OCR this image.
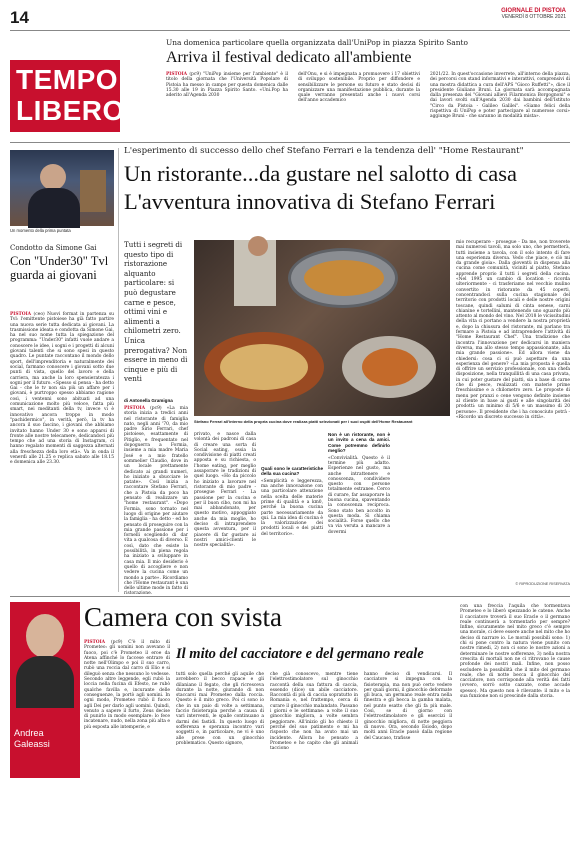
14	GIORNALE DI PISTOIA
VENERDÌ 8 OTTOBRE 2021
TEMPO
LIBERO
Una domenica particolare quella organizzata dall'UniPop in piazza Spirito Santo
Arriva il festival dedicato all'ambiente
PISTOIA (pc9) "UniPop insieme per l'ambiente" è il titolo della giornata che l'Università Popolare di Pistoia ha messo in campo per questa domenica dalle 15.30 alle 19 in Piazza Spirito Santo. «Uni.Pop ha aderito all'Agenda 2030
dell'Onu, e si è impegnata a promuovere i 17 obiettivi di sviluppo sostenibile. Proprio per diffondere e sensibilizzare le persone su futuro e stato decisi di organizzare una manifestazione pubblica, durante la quale verranno presentati anche i nuovi corsi dell'anno accademico
2021/22. In quest'occasione inverrete, all'interno della piazza, dei percorsi con stand informativi e interattivi, comprensivi di una mostra didattica a cura dell'APS "Gioco Ruffetti"», dice il presidente Giuliano Bruni. La giornata sarà accompagnata dalla presenza dei "Giovani allievi Filarmonica Borgognoni" e dai lavori svolti sull'Agenda 2030 dai bambini dell'Istituto "Circo da Pistoia - Galileo Galilei". «Siamo felici della rispettiva di UniPop e poter partecipare al numerose corsi» aggiunge Bruni - che saranno in modalità mista».
Un momento della prima puntata
Condotto da Simone Gai
Con "Under30" Tvl guarda ai giovani
PISTOIA (ceo) Nuovi format in partenza su Tvl: l'emittente pistoiese ha già fatto partire una nuova serie tutta dedicata ai giovani. La trasmissione ideata e condotta da Simone Gai, ha nel suo nome tutta la spiegazione del programma: "Under30" infatti vuole andare a conoscere le idee, i sogni e i progetti di alcuni giovani talenti che si sono spesi in questo quadro. Le puntate raccontano il mondo dello sport, dell'imprenditoria e naturalmente dei social, farmano conoscere i giovani sotto due punti di vista, quello del lavoro e della carriera, ma anche la loro spensieratezza i sogni per il futuro. «Spesso si pensa - ha detto Gai - che le tv non sia più un affare per i giovani, è purtroppo spesso abbiamo ragione così, i ventenni sono abituati ad una comunicazione molto più veloce, fatta più smart, nei meditanti della tv, invece vi è innovativo ancora troppo in modo "pachidermico", in verità, però, la tv ha ancora il suo fascino, i giovani che abbiamo invitato hanno Under 30 e sono apparsi di fronte alle nostre telecamere, dedicandoci più tempo che ad una storia di Instagram, ci hanno regalato momenti di saggezza alternati alla freschezza della loro età». Va in onda il venerdì alle 21.25 e replica sabato alle 18.15 e domenica alle 23.30.
L'esperimento di successo dello chef Stefano Ferrari e la tendenza dell' "Home Restaurant"
Un ristorante...da gustare nel salotto di casa
L'avventura innovativa di Stefano Ferrari
Tutti i segreti di questo tipo di ristorazione alquanto particolare: si può degustare carne e pesce, ottimi vini e alimenti a chilometri zero. Unica prerogativa? Non essere in meno di cinque e più di venti
di Antonella Gramigna
PISTOIA (pc9) «La mia storia inizia a tredici anni nel ristorante di famiglia nato, negli anni '70, da mio padre Sirio Ferrari, chef pistoiese, esattamente di Pitiglio, e frequentato nel dopoguerra a Formia, insieme a mia madre Maria José e a mio fratello sommelier Claudio, dove in un locale prettamente dedicato ai grandi numeri, ho iniziato a sbucciare le patate». Così inizia a raccontare Stefano Ferrari, che a Pistoia da poco ha pensato di realizzare un "home restaurant". «Dopo Formia, sono tornato nel luogo di origine per aiutare la famiglia - ha detto - ed ho pensato di proseguire con la mia grande passione per i fornelli scegliendo di dar vita a qualcosa di diverso. E così, dato che esiste la possibilità, in piena regola ha iniziato a sviluppare in casa mia. Il mio desiderio è quello di accogliere e non vedere la cucina come un mondo a parte». Ricordiamo che l'Home restaurant è una delle ultime mode in fatto di ristorazione.
Stefano Ferrari all'interno della propria cucina dove realizza piatti selezionati per i suoi ospiti dell'Home Restaurant
privato, e nasce dalla volontà dei padroni di casa di creare una sorta di Social eating, ossia la condivisione di piatti creati apposta e su richiesta, o l'home eating, per meglio assaporare le tradizioni di quel luogo. «Ho da piccolo ho iniziato a lavorare nel ristorante di mio padre - prosegue Ferrari - La passione per la cucina e per il buon cibo, non mi ha mai abbandonato, per questo motivo, appoggiato anche da mia moglie, ho deciso di intraprendere questa avventura, per il piacere di far gustare ai nostri amici-clienti le nostre specialità».
Quali sono le caratteristiche della sua cucina?
«Semplicità e leggerezza, ma anche innovazione con una particolare attenzione nella scelta delle materie prime di qualità e a km0, perché la buona cucina parte necessariamente da qui. La mia idea di cucina è la valorizzazione dei prodotti locali e dei piatti del territorio».
Non è un ristorante, non è un invito a cena da amici. Come potremmo definirlo meglio?
«Convivialità. Questo è il termine più adatto. Esperienze nel gusto, ma anche intrattenere e conoscenza, condividere questo con persone totalmente estranee. Cerco di curare, far assaporare la buona cucina, spaventando la conoscenza reciproca. Sono stato ben accolto in questa moda. Si chiama socialità. Forse quello che va via veruta a mancare a dovermi
mio recuperare - prosegue - Da me, non troverete mai numerosi tavoli, ma solo uno, che permetterà, tutti insieme a tavola, con il solo intento di fare una esperienza diversa. Vedo che piace, e ciò mi da grande gioia». Dalla gioventù in dispensa alla cucina come comunità, viciniti al piatto, Stefano apprende proprio il tutti i segreti della cucina. «Nel 1995 un cambio di location - ricorda ulteriormente - ci trasferiamo nel vecchio mulino convertito in ristorante da 45 coperti, concentrandoci sulla cucina stagionale del territorio con prodotti locali e delle nostre origini toscane, quindi salumi di cinta senese, carni chianine e tortellini, mantenendo uno sguardo più attento al mondo del vino. Nel 2018 le vicissitudini della vita ci portano a vendere la nostra proprietà e, dopo la chiusura del ristorante, mi parlano tra fermare a Pistoia e ad intraprendere l'attività di "Home Restaurant Chef". Una tradizione che incontra l'innovazione per dedicarsi in maniera diversa, ma allo stesso tempo appassionante, alla mia grande passione». Ed allora viene da chiedersi: cosa ci si può aspettare da una esperienza del genere? «La mia proposta è quella di offrire un servizio professionale, con una chefa disposizione, nella tranquillità di una casa privata, in cui poter gustare del piatti, sia a base di carne che di pesce, realizzati con materie prime freschissime e a chilometro zero. Le proposte di menu per pranzi o cene vengono definite insieme al cliente in base ai gusti e alle singolarità dei prodotti: un minimo di 5/6 e un massimo di 20 persone». Il presidente che i ha conosciuto potrà - «Ricordo un discreto successo in città».
© RIPRODUZIONE RISERVATA
Camera con svista
Andrea Galeassi
PISTOIA (pc9) C'è il mito di Prometeo: gli uomini non avevano il fuoco, poi c'è Prometeo il eroe da Atena affinché lo faccese entrare di notte nell'Olimpo e poi il suo carro, rubò una roccia dal carro di Elio e si dileguò senza che nessuno lo vedesse. Secondo altre leggende, egli rubò la loccia nella fucina di Efesto, ne rubò qualche favilla e, incurante delle conseguenze, la portò agli uomini. In ogni modo, Prometeo rubò il fuoco agli Dei per darlo agli uomini. Quindi, venuto a sapere il furto, Zeus decise di punirlo in modo esemplare: lo fece incatenare, nudo, nella zona più alta e più esposta alle intemperie, e
Il mito del cacciatore e del germano reale
tutti solo quella perché gli aquile che avrebbero il becco rapace e gli dilaniano il fegato, che gli ricresceva durante la notte, giurando di non staccarsi mai Prometeo dalla roccia. Questo è il mito greco. Poi ci sono io che in un paio di volte a settimana, faccio fisioterapia perché a causa di vari interventi, le spalle continuano a darmi dei fastidi. In questo luogo di sofferenza e speranza incontro vari soggetti e, in particolare, ne vi è uno alle prese con un ginocchio problematico. Questo signore,
che già conoscevo, mentre tiene l'elettrostimolatore sul ginocchio raccontà della sua fattura di caccia, essendo (dice) un abile cacciatore. Raccontà di più di caccia sopratutto in Romania e, nel frattempo, cerca di curare il ginocchio malandato. Passano i giorni e le settimane: a volte il suo ginocchio migliora, a volte sembra peggiorare. All'inizio gli ho chiesto il perché del suo patimento e mi ha risposto che non ha avuto mai un incidente. Allora ho pensato a Prometeo e ho capito che gli animali tacciono
hanno deciso di vendicarsi. Il cacciatore si impegna con la fisioterapia, ma non può certo vedere per quali giorni, il ginocchio deformate gli buca, un germano reale entra nella finestra e gli becca la gamba malata, nel punto esatto che gli fa più male. Così, se di giorno con l'elettrostimolatore e gli esercizi il ginocchio migliora, di notte peggiora di nuovo. Ora, secondo Esiodo, dopo molti anni Eracle passò dalla regione del Caucaso, trafisse
con una freccia l'aquila che tormentava Prometeo e lo liberò spezzando le catene. Anche il cacciatore troverà il suo Eracle o il germano reale continuerà a tormentarlo per sempre? Infine, sicuramente nel mito greco c'è sempre una morale, ci deve essere anche nel mito che ho deciso di narrare io. Le morali possibili sono: 1) chi si pone contro la natura viene punito con nostre rimedi, 2) non ci sono le nostre azioni a determinare le nostre sofferenze, 3) nella nostra crescita di mortali non ne ci ritrovano le cause profonde dei nostri mali. Infine, non posso escludere la possibilità che il mito del germano reale, che di notte becca il ginocchio del cacciatore, non corrisponde alla verità dei fatti (ovvero, sorrò sotto cazzate, come accade spesso). Ma questo non è rilevante: il mito e la sua funzione non si prescinde dalla storia.
